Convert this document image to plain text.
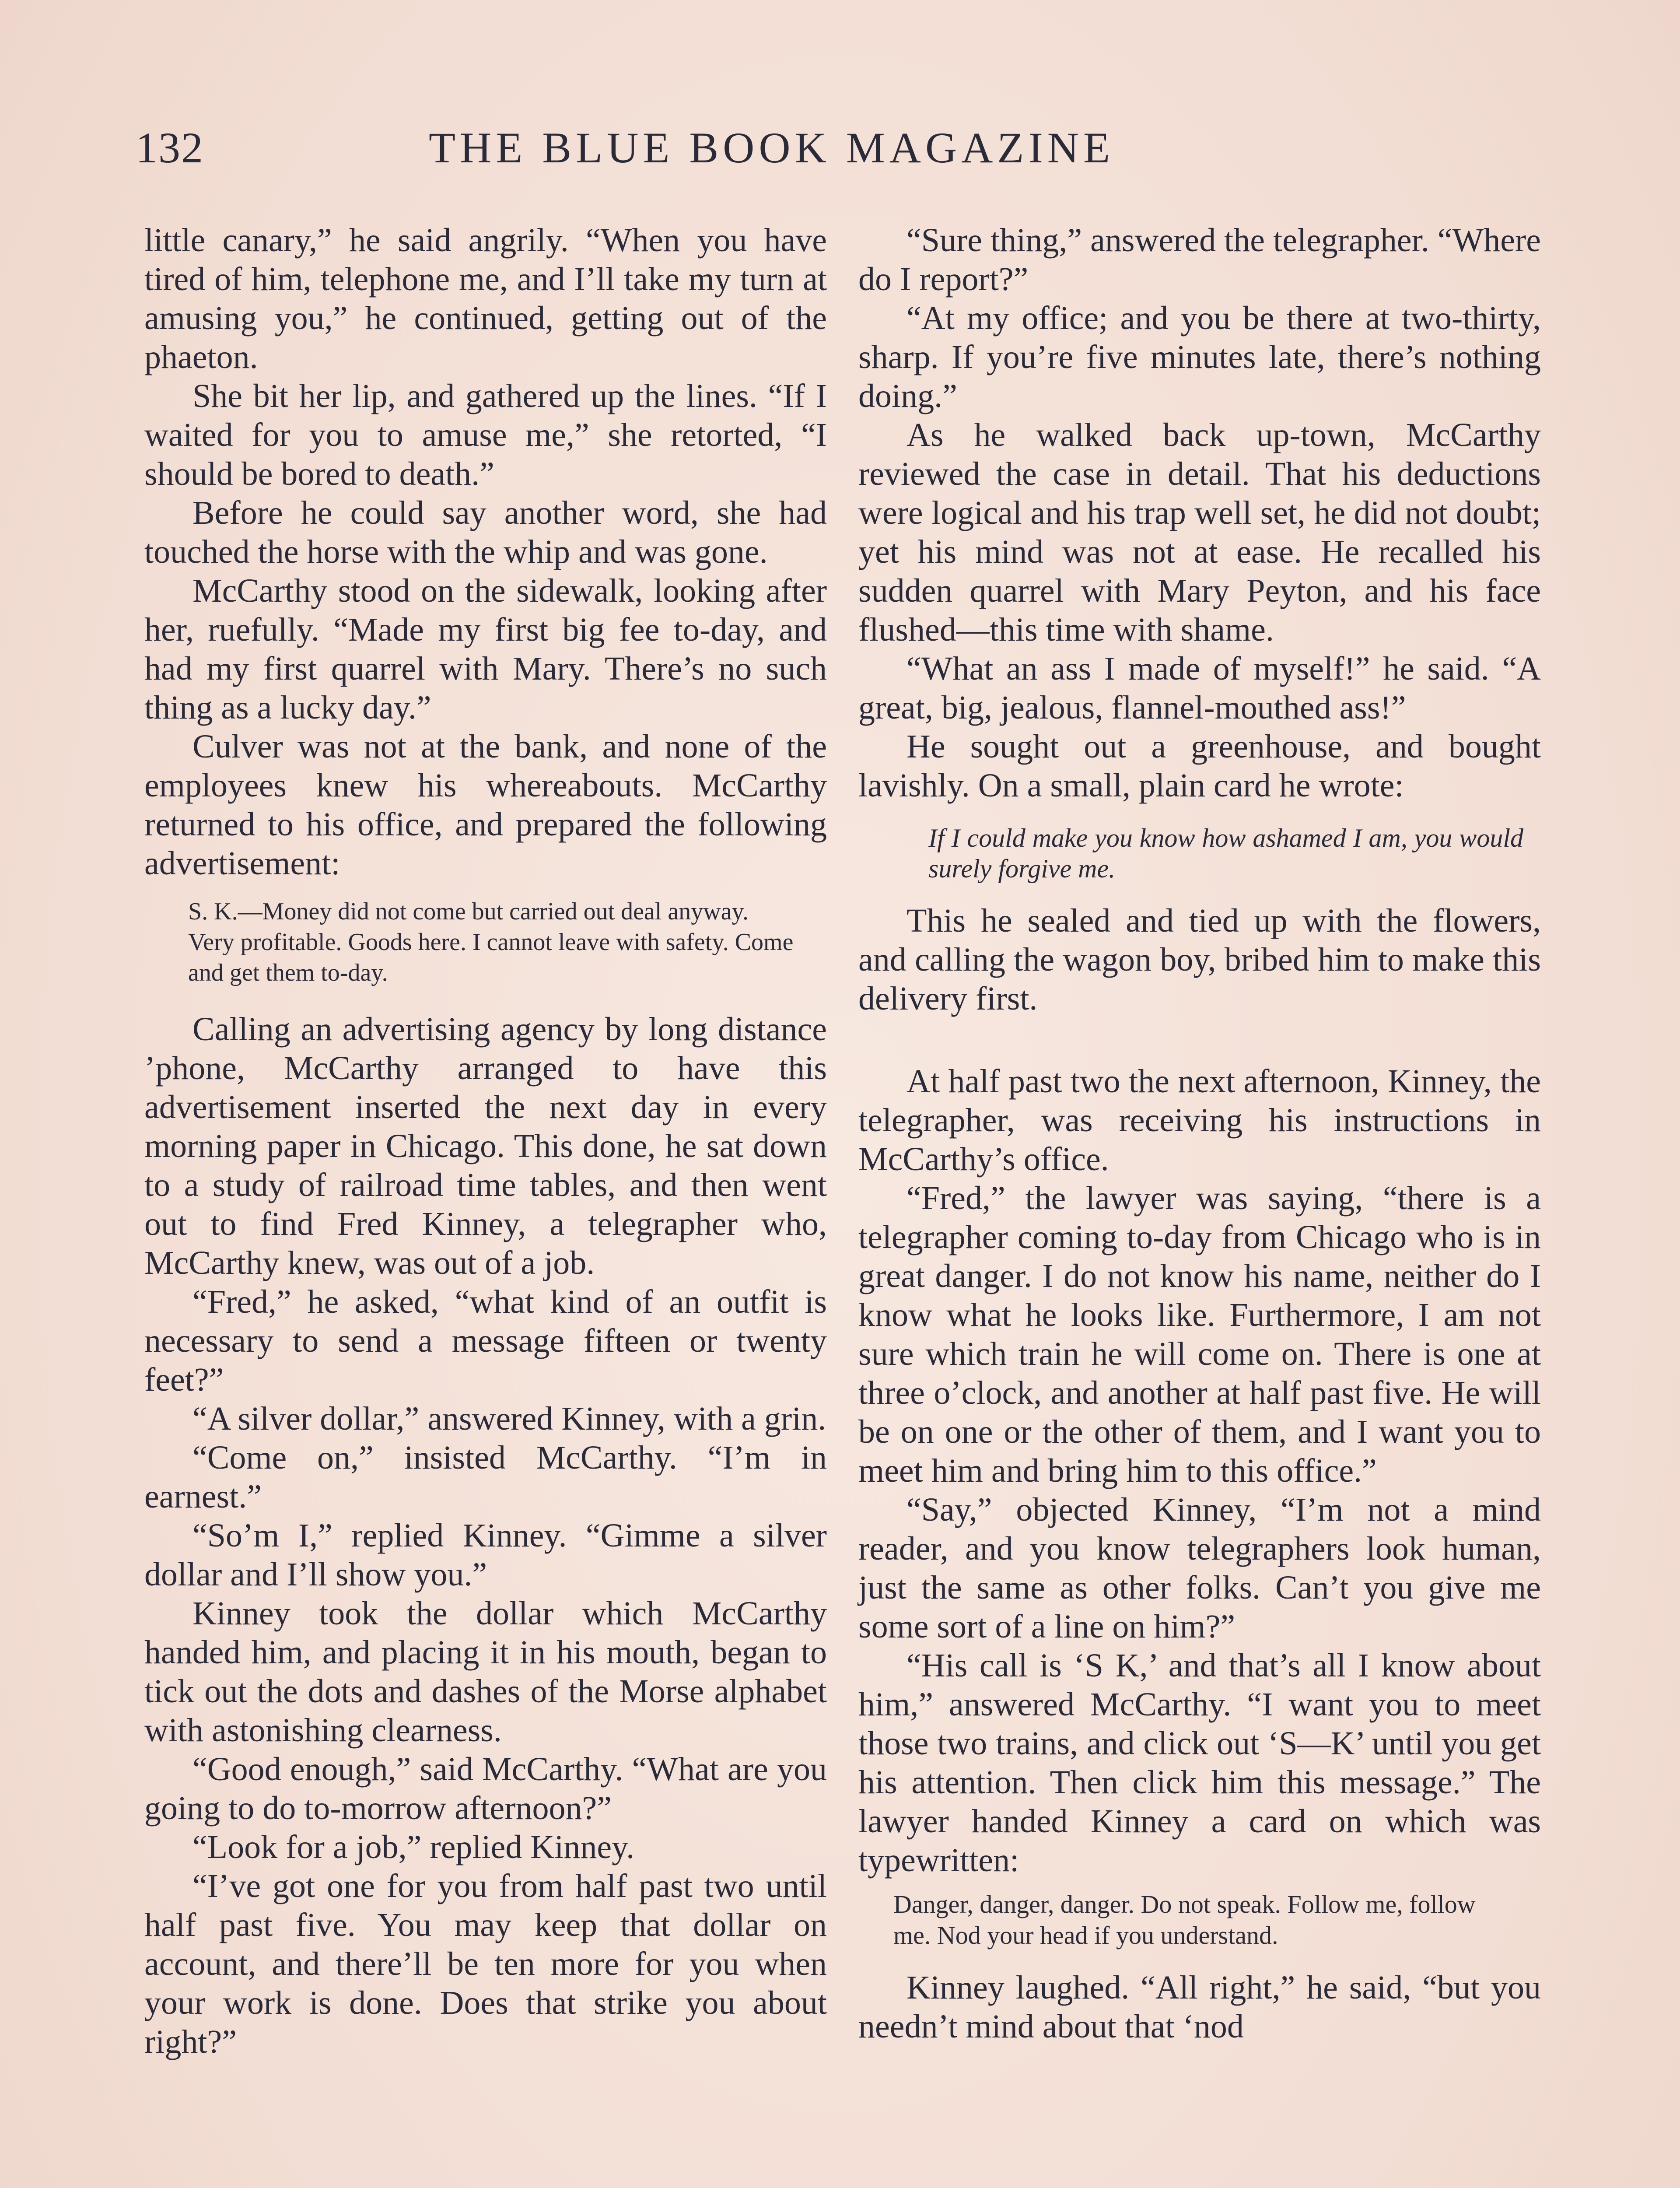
132	THE BLUE BOOK MAGAZINE

little canary,” he said angrily. “When you have tired of him, telephone me, and I’ll take my turn at amusing you,” he continued, getting out of the phaeton.

She bit her lip, and gathered up the lines. “If I waited for you to amuse me,” she retorted, “I should be bored to death.”

Before he could say another word, she had touched the horse with the whip and was gone.

McCarthy stood on the sidewalk, looking after her, ruefully. “Made my first big fee to-day, and had my first quarrel with Mary. There’s no such thing as a lucky day.”

Culver was not at the bank, and none of the employees knew his whereabouts. McCarthy returned to his office, and prepared the following advertisement:

S. K.—Money did not come but carried out deal anyway. Very profitable. Goods here. I cannot leave with safety. Come and get them to-day.

Calling an advertising agency by long distance ’phone, McCarthy arranged to have this advertisement inserted the next day in every morning paper in Chicago. This done, he sat down to a study of railroad time tables, and then went out to find Fred Kinney, a telegrapher who, McCarthy knew, was out of a job.

“Fred,” he asked, “what kind of an outfit is necessary to send a message fifteen or twenty feet?”

“A silver dollar,” answered Kinney, with a grin.

“Come on,” insisted McCarthy. “I’m in earnest.”

“So’m I,” replied Kinney. “Gimme a silver dollar and I’ll show you.”

Kinney took the dollar which McCarthy handed him, and placing it in his mouth, began to tick out the dots and dashes of the Morse alphabet with astonishing clearness.

“Good enough,” said McCarthy. “What are you going to do to-morrow afternoon?”

“Look for a job,” replied Kinney.

“I’ve got one for you from half past two until half past five. You may keep that dollar on account, and there’ll be ten more for you when your work is done. Does that strike you about right?”

“Sure thing,” answered the telegrapher. “Where do I report?”

“At my office; and you be there at two-thirty, sharp. If you’re five minutes late, there’s nothing doing.”

As he walked back up-town, McCarthy reviewed the case in detail. That his deductions were logical and his trap well set, he did not doubt; yet his mind was not at ease. He recalled his sudden quarrel with Mary Peyton, and his face flushed—this time with shame.

“What an ass I made of myself!” he said. “A great, big, jealous, flannel-mouthed ass!”

He sought out a greenhouse, and bought lavishly. On a small, plain card he wrote:

If I could make you know how ashamed I am, you would surely forgive me.

This he sealed and tied up with the flowers, and calling the wagon boy, bribed him to make this delivery first.

At half past two the next afternoon, Kinney, the telegrapher, was receiving his instructions in McCarthy’s office.

“Fred,” the lawyer was saying, “there is a telegrapher coming to-day from Chicago who is in great danger. I do not know his name, neither do I know what he looks like. Furthermore, I am not sure which train he will come on. There is one at three o’clock, and another at half past five. He will be on one or the other of them, and I want you to meet him and bring him to this office.”

“Say,” objected Kinney, “I’m not a mind reader, and you know telegraphers look human, just the same as other folks. Can’t you give me some sort of a line on him?”

“His call is ‘S K,’ and that’s all I know about him,” answered McCarthy. “I want you to meet those two trains, and click out ‘S—K’ until you get his attention. Then click him this message.” The lawyer handed Kinney a card on which was typewritten:

Danger, danger, danger. Do not speak. Follow me, follow me. Nod your head if you understand.

Kinney laughed. “All right,” he said, “but you needn’t mind about that ‘nod
